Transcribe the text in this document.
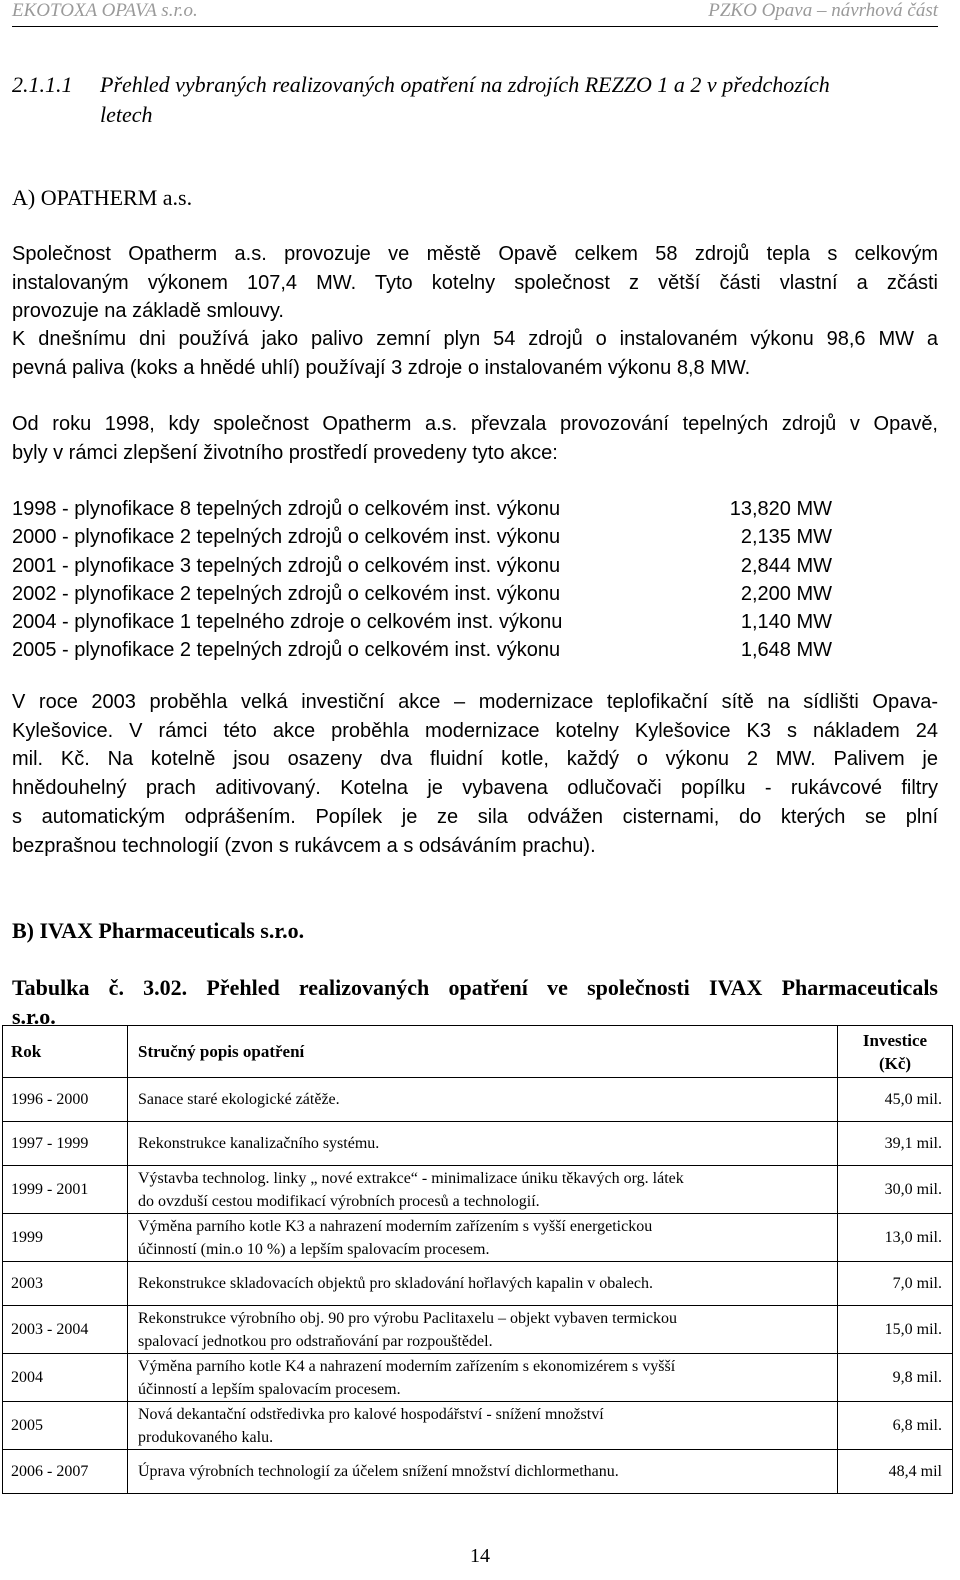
EKOTOXA OPAVA s.r.o.	PZKO Opava – návrhová část
2.1.1.1	Přehled vybraných realizovaných opatření na zdrojích REZZO 1 a 2 v předchozích
letech
A) OPATHERM a.s.
Společnost Opatherm a.s. provozuje ve městě Opavě celkem 58 zdrojů tepla s celkovým
instalovaným výkonem 107,4 MW. Tyto kotelny společnost z větší části vlastní a zčásti
provozuje na základě smlouvy.
K dnešnímu dni používá jako palivo zemní plyn 54 zdrojů o instalovaném výkonu 98,6 MW a
pevná paliva (koks a hnědé uhlí) používají 3 zdroje o instalovaném výkonu 8,8 MW.
Od roku 1998, kdy společnost Opatherm a.s. převzala provozování tepelných zdrojů v Opavě,
byly v rámci zlepšení životního prostředí provedeny tyto akce:
1998 - plynofikace 8 tepelných zdrojů o celkovém inst. výkonu	13,820 MW
2000 - plynofikace 2 tepelných zdrojů o celkovém inst. výkonu	2,135 MW
2001 - plynofikace 3 tepelných zdrojů o celkovém inst. výkonu	2,844 MW
2002 - plynofikace 2 tepelných zdrojů o celkovém inst. výkonu	2,200 MW
2004 - plynofikace 1 tepelného zdroje o celkovém inst. výkonu	1,140 MW
2005 - plynofikace 2 tepelných zdrojů o celkovém inst. výkonu	1,648 MW
V roce 2003 proběhla velká investiční akce – modernizace teplofikační sítě na sídlišti Opava-
Kylešovice. V rámci této akce proběhla modernizace kotelny Kylešovice K3 s nákladem 24
mil. Kč. Na kotelně jsou osazeny dva fluidní kotle, každý o výkonu 2 MW. Palivem je
hnědouhelný prach aditivovaný. Kotelna je vybavena odlučovači popílku - rukávcové filtry
s automatickým odprášením. Popílek je ze sila odvážen cisternami, do kterých se plní
bezprašnou technologií (zvon s rukávcem a s odsáváním prachu).
B) IVAX Pharmaceuticals s.r.o.
Tabulka č. 3.02. Přehled realizovaných opatření ve společnosti IVAX Pharmaceuticals
s.r.o.
Rok	Stručný popis opatření	Investice
(Kč)
1996 - 2000	Sanace staré ekologické zátěže.	45,0 mil.
1997 - 1999	Rekonstrukce kanalizačního systému.	39,1 mil.
1999 - 2001	Výstavba technolog. linky „ nové extrakce“ - minimalizace úniku těkavých org. látek
do ovzduší cestou modifikací výrobních procesů a technologií.	30,0 mil.
1999	Výměna parního kotle K3 a nahrazení moderním zařízením s vyšší energetickou
účinností (min.o 10 %) a lepším spalovacím procesem.	13,0 mil.
2003	Rekonstrukce skladovacích objektů pro skladování hořlavých kapalin v obalech.	7,0 mil.
2003 - 2004	Rekonstrukce výrobního obj. 90 pro výrobu Paclitaxelu – objekt vybaven termickou
spalovací jednotkou pro odstraňování par rozpouštědel.	15,0 mil.
2004	Výměna parního kotle K4 a nahrazení moderním zařízením s ekonomizérem s vyšší
účinností a lepším spalovacím procesem.	9,8 mil.
2005	Nová dekantační odstředivka pro kalové hospodářství - snížení množství
produkovaného kalu.	6,8 mil.
2006 - 2007	Úprava výrobních technologií za účelem snížení množství dichlormethanu.	48,4 mil
14
